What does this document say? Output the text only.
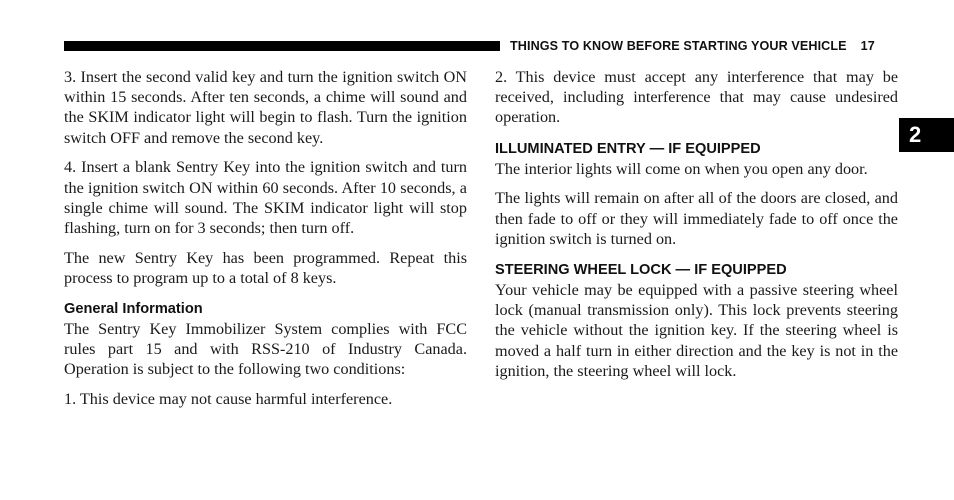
THINGS TO KNOW BEFORE STARTING YOUR VEHICLE 17
2

3. Insert the second valid key and turn the ignition switch ON within 15 seconds. After ten seconds, a chime will sound and the SKIM indicator light will begin to flash. Turn the ignition switch OFF and remove the second key.

4. Insert a blank Sentry Key into the ignition switch and turn the ignition switch ON within 60 seconds. After 10 seconds, a single chime will sound. The SKIM indicator light will stop flashing, turn on for 3 seconds; then turn off.

The new Sentry Key has been programmed. Repeat this process to program up to a total of 8 keys.

General Information

The Sentry Key Immobilizer System complies with FCC rules part 15 and with RSS-210 of Industry Canada. Operation is subject to the following two conditions:

1. This device may not cause harmful interference.

2. This device must accept any interference that may be received, including interference that may cause undesired operation.

ILLUMINATED ENTRY — IF EQUIPPED

The interior lights will come on when you open any door.

The lights will remain on after all of the doors are closed, and then fade to off or they will immediately fade to off once the ignition switch is turned on.

STEERING WHEEL LOCK — IF EQUIPPED

Your vehicle may be equipped with a passive steering wheel lock (manual transmission only). This lock prevents steering the vehicle without the ignition key. If the steering wheel is moved a half turn in either direction and the key is not in the ignition, the steering wheel will lock.
